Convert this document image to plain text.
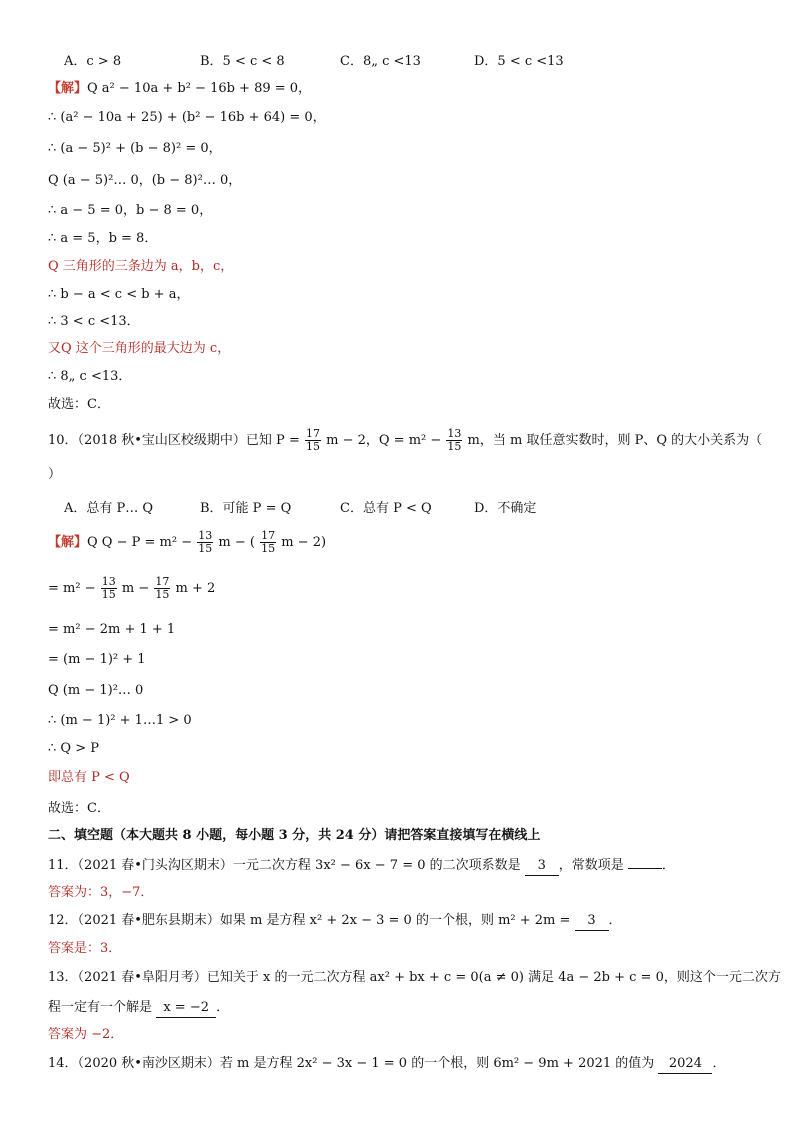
A．c > 8	B．5 < c < 8	C．8„ c <13	D．5 < c <13
【解】Q a² − 10a + b² − 16b + 89 = 0，
∴ (a² − 10a + 25) + (b² − 16b + 64) = 0，
∴ (a − 5)² + (b − 8)² = 0，
Q (a − 5)²… 0，(b − 8)²… 0，
∴ a − 5 = 0，b − 8 = 0，
∴ a = 5，b = 8．
Q 三角形的三条边为 a，b，c，
∴ b − a < c < b + a，
∴ 3 < c <13．
又Q 这个三角形的最大边为 c，
∴ 8„ c <13．
故选：C．
10．（2018 秋•宝山区校级期中）已知 $P = \frac{17}{15}$ m − 2，$Q = m^2 - \frac{13}{15}$ m，当 m 取任意实数时，则 P、Q 的大小关系为（
）
A．总有 P… Q	B．可能 P = Q	C．总有 P < Q	D．不确定
【解】Q $Q - P = m^2 - \frac{13}{15}$ m − ( $\frac{17}{15}$ m − 2)
= $m^2 - \frac{13}{15}$ $m - \frac{17}{15}$ m + 2
= m² − 2m + 1 + 1
= (m − 1)² + 1
Q (m − 1)²… 0
∴ (m − 1)² + 1…1 > 0
∴ Q > P
即总有 P < Q
故选：C．
二、填空题（本大题共 8 小题，每小题 3 分，共 24 分）请把答案直接填写在横线上
11．（2021 春•门头沟区期末）一元二次方程 3x² − 6x − 7 = 0 的二次项系数是 3 ，常数项是	．
答案为：3，−7．
12．（2021 春•肥东县期末）如果 m 是方程 x² + 2x − 3 = 0 的一个根，则 m² + 2m = 3 ．
答案是：3．
13．（2021 春•阜阳月考）已知关于 x 的一元二次方程 ax² + bx + c = 0(a ≠ 0) 满足 4a − 2b + c = 0，则这个一元二次方
程一定有一个解是 x = −2 ．
答案为 −2．
14．（2020 秋•南沙区期末）若 m 是方程 2x² − 3x − 1 = 0 的一个根，则 6m² − 9m + 2021 的值为 2024 ．
